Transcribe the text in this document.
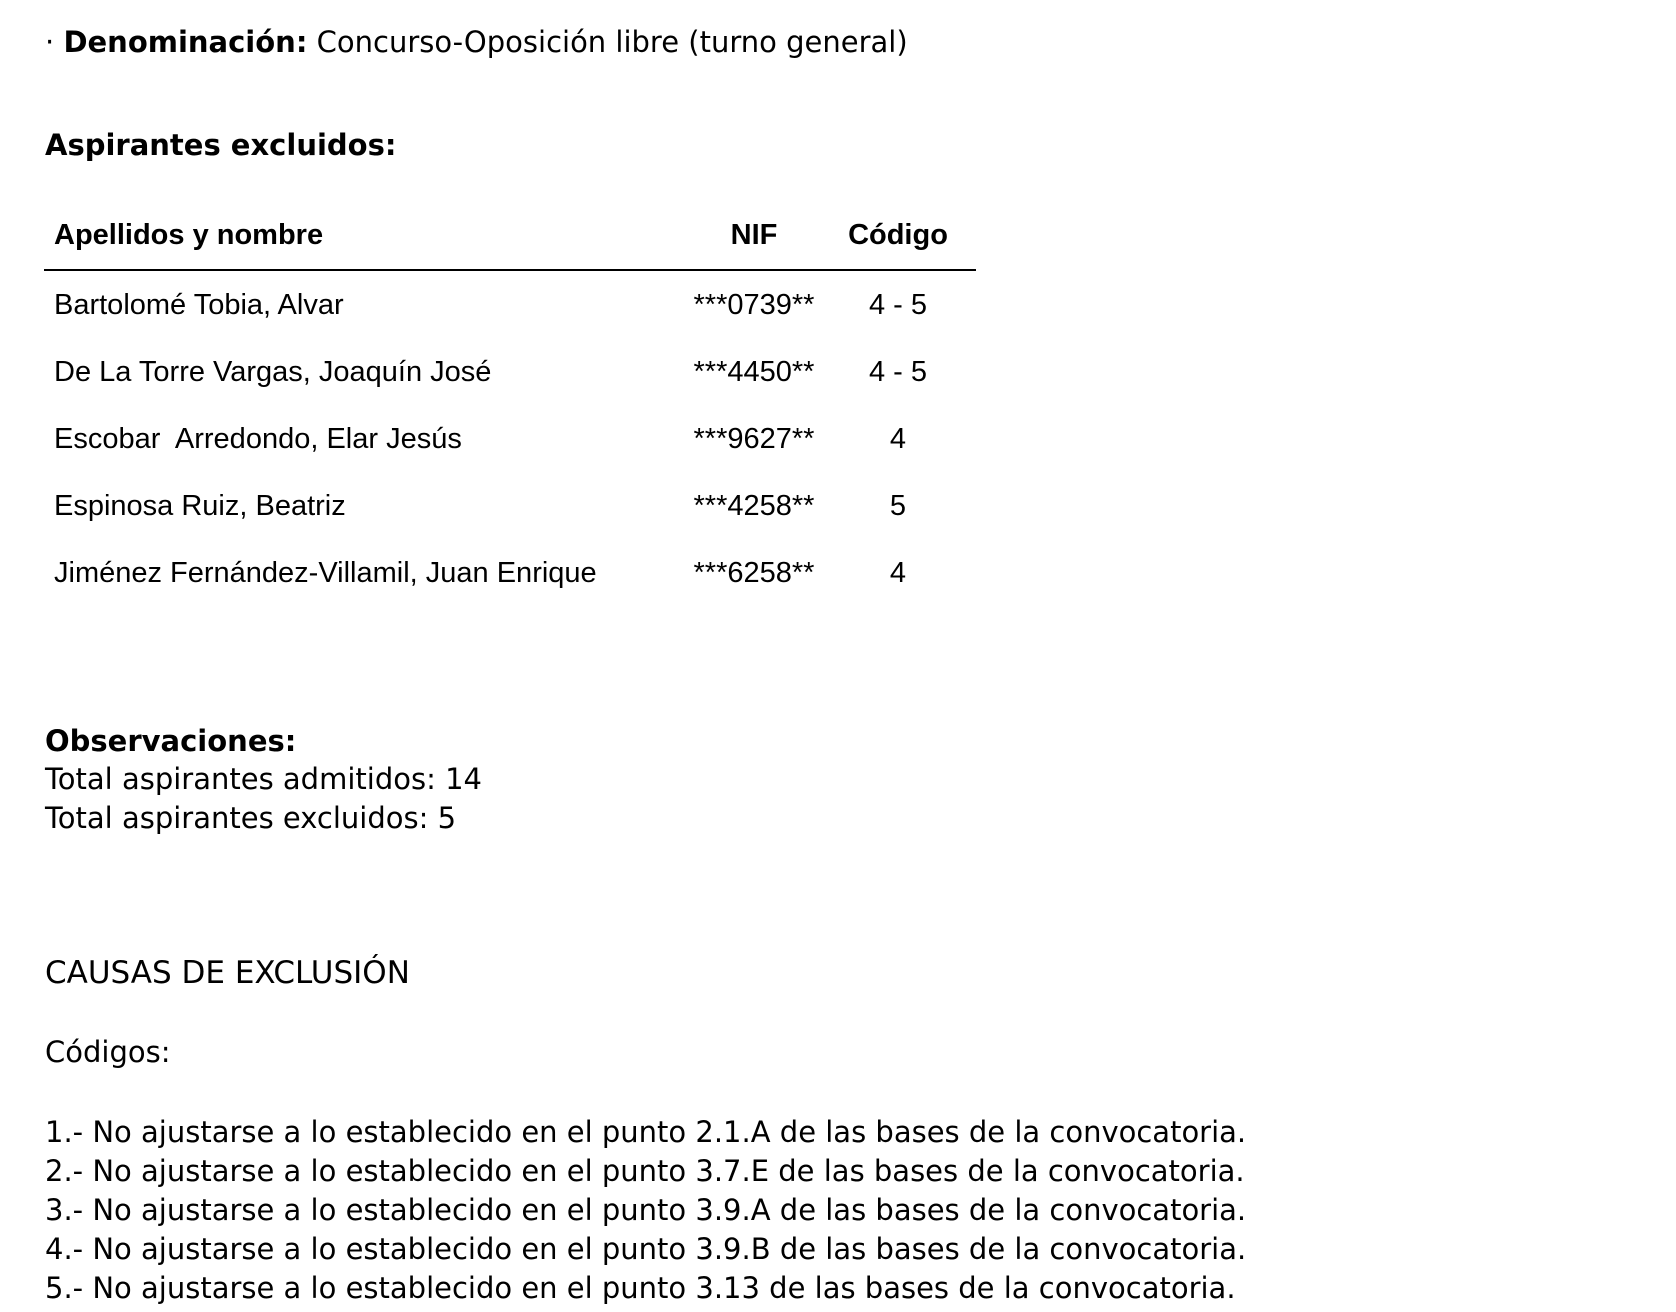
· Denominación: Concurso-Oposición libre (turno general)
Aspirantes excluidos:
Apellidos y nombre	NIF	Código
Bartolomé Tobia, Alvar	***0739**	4 - 5
De La Torre Vargas, Joaquín José	***4450**	4 - 5
Escobar  Arredondo, Elar Jesús	***9627**	4
Espinosa Ruiz, Beatriz	***4258**	5
Jiménez Fernández-Villamil, Juan Enrique	***6258**	4
Observaciones:
Total aspirantes admitidos: 14
Total aspirantes excluidos: 5
CAUSAS DE EXCLUSIÓN
Códigos:
1.- No ajustarse a lo establecido en el punto 2.1.A de las bases de la convocatoria.
2.- No ajustarse a lo establecido en el punto 3.7.E de las bases de la convocatoria.
3.- No ajustarse a lo establecido en el punto 3.9.A de las bases de la convocatoria.
4.- No ajustarse a lo establecido en el punto 3.9.B de las bases de la convocatoria.
5.- No ajustarse a lo establecido en el punto 3.13 de las bases de la convocatoria.
